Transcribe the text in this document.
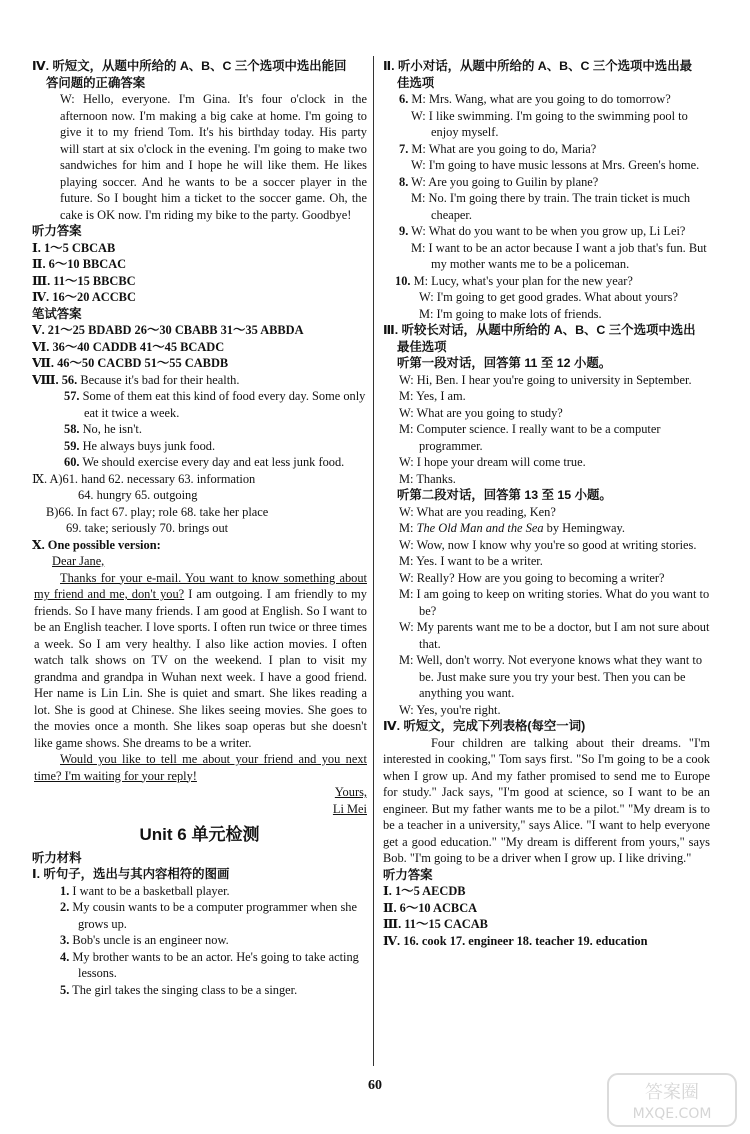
Ⅳ. 听短文，从题中所给的 A、B、C 三个选项中选出能回
答问题的正确答案
W: Hello, everyone. I'm Gina. It's four o'clock in the afternoon now. I'm making a big cake at home. I'm going to give it to my friend Tom. It's his birthday today. His party will start at six o'clock in the evening. I'm going to make two sandwiches for him and I hope he will like them. He likes playing soccer. And he wants to be a soccer player in the future. So I bought him a ticket to the soccer game. Oh, the cake is OK now. I'm riding my bike to the party. Goodbye!
听力答案
Ⅰ. 1～5 CBCAB
Ⅱ. 6～10 BBCAC
Ⅲ. 11～15 BBCBC
Ⅳ. 16～20 ACCBC
笔试答案
Ⅴ. 21～25 BDABD 26～30 CBABB 31～35 ABBDA
Ⅵ. 36～40 CADDB 41～45 BCADC
Ⅶ. 46～50 CACBD 51～55 CABDB
Ⅷ. 56. Because it's bad for their health.
57. Some of them eat this kind of food every day. Some only eat it twice a week.
58. No, he isn't.
59. He always buys junk food.
60. We should exercise every day and eat less junk food.
Ⅸ. A)61. hand 62. necessary 63. information
64. hungry 65. outgoing
B)66. In fact 67. play; role 68. take her place
69. take; seriously 70. brings out
Ⅹ. One possible version:
Dear Jane,
Thanks for your e-mail. You want to know something about my friend and me, don't you? I am outgoing. I am friendly to my friends. So I have many friends. I am good at English. So I want to be an English teacher. I love sports. I often run twice or three times a week. So I am very healthy. I also like action movies. I often watch talk shows on TV on the weekend. I plan to visit my grandma and grandpa in Wuhan next week. I have a good friend. Her name is Lin Lin. She is quiet and smart. She likes reading a lot. She is good at Chinese. She likes seeing movies. She goes to the movies once a month. She likes soap operas but she doesn't like game shows. She dreams to be a writer.
Would you like to tell me about your friend and you next time? I'm waiting for your reply!
Yours,
Li Mei
Unit 6 单元检测
听力材料
Ⅰ. 听句子，选出与其内容相符的图画
1. I want to be a basketball player.
2. My cousin wants to be a computer programmer when she grows up.
3. Bob's uncle is an engineer now.
4. My brother wants to be an actor. He's going to take acting lessons.
5. The girl takes the singing class to be a singer.
Ⅱ. 听小对话，从题中所给的 A、B、C 三个选项中选出最
佳选项
6. M: Mrs. Wang, what are you going to do tomorrow?
W: I like swimming. I'm going to the swimming pool to enjoy myself.
7. M: What are you going to do, Maria?
W: I'm going to have music lessons at Mrs. Green's home.
8. W: Are you going to Guilin by plane?
M: No. I'm going there by train. The train ticket is much cheaper.
9. W: What do you want to be when you grow up, Li Lei?
M: I want to be an actor because I want a job that's fun. But my mother wants me to be a policeman.
10. M: Lucy, what's your plan for the new year?
W: I'm going to get good grades. What about yours?
M: I'm going to make lots of friends.
Ⅲ. 听较长对话，从题中所给的 A、B、C 三个选项中选出
最佳选项
听第一段对话，回答第 11 至 12 小题。
W: Hi, Ben. I hear you're going to university in September.
M: Yes, I am.
W: What are you going to study?
M: Computer science. I really want to be a computer programmer.
W: I hope your dream will come true.
M: Thanks.
听第二段对话，回答第 13 至 15 小题。
W: What are you reading, Ken?
M: The Old Man and the Sea by Hemingway.
W: Wow, now I know why you're so good at writing stories.
M: Yes. I want to be a writer.
W: Really? How are you going to becoming a writer?
M: I am going to keep on writing stories. What do you want to be?
W: My parents want me to be a doctor, but I am not sure about that.
M: Well, don't worry. Not everyone knows what they want to be. Just make sure you try your best. Then you can be anything you want.
W: Yes, you're right.
Ⅳ. 听短文，完成下列表格(每空一词)
Four children are talking about their dreams. "I'm interested in cooking," Tom says first. "So I'm going to be a cook when I grow up. And my father promised to send me to Europe for study." Jack says, "I'm good at science, so I want to be an engineer. But my father wants me to be a pilot." "My dream is to be a teacher in a university," says Alice. "I want to help everyone get a good education." "My dream is different from yours," says Bob. "I'm going to be a driver when I grow up. I like driving."
听力答案
Ⅰ. 1～5 AECDB
Ⅱ. 6～10 ACBCA
Ⅲ. 11～15 CACAB
Ⅳ. 16. cook 17. engineer 18. teacher 19. education
60	答案圈
MXQE.COM
